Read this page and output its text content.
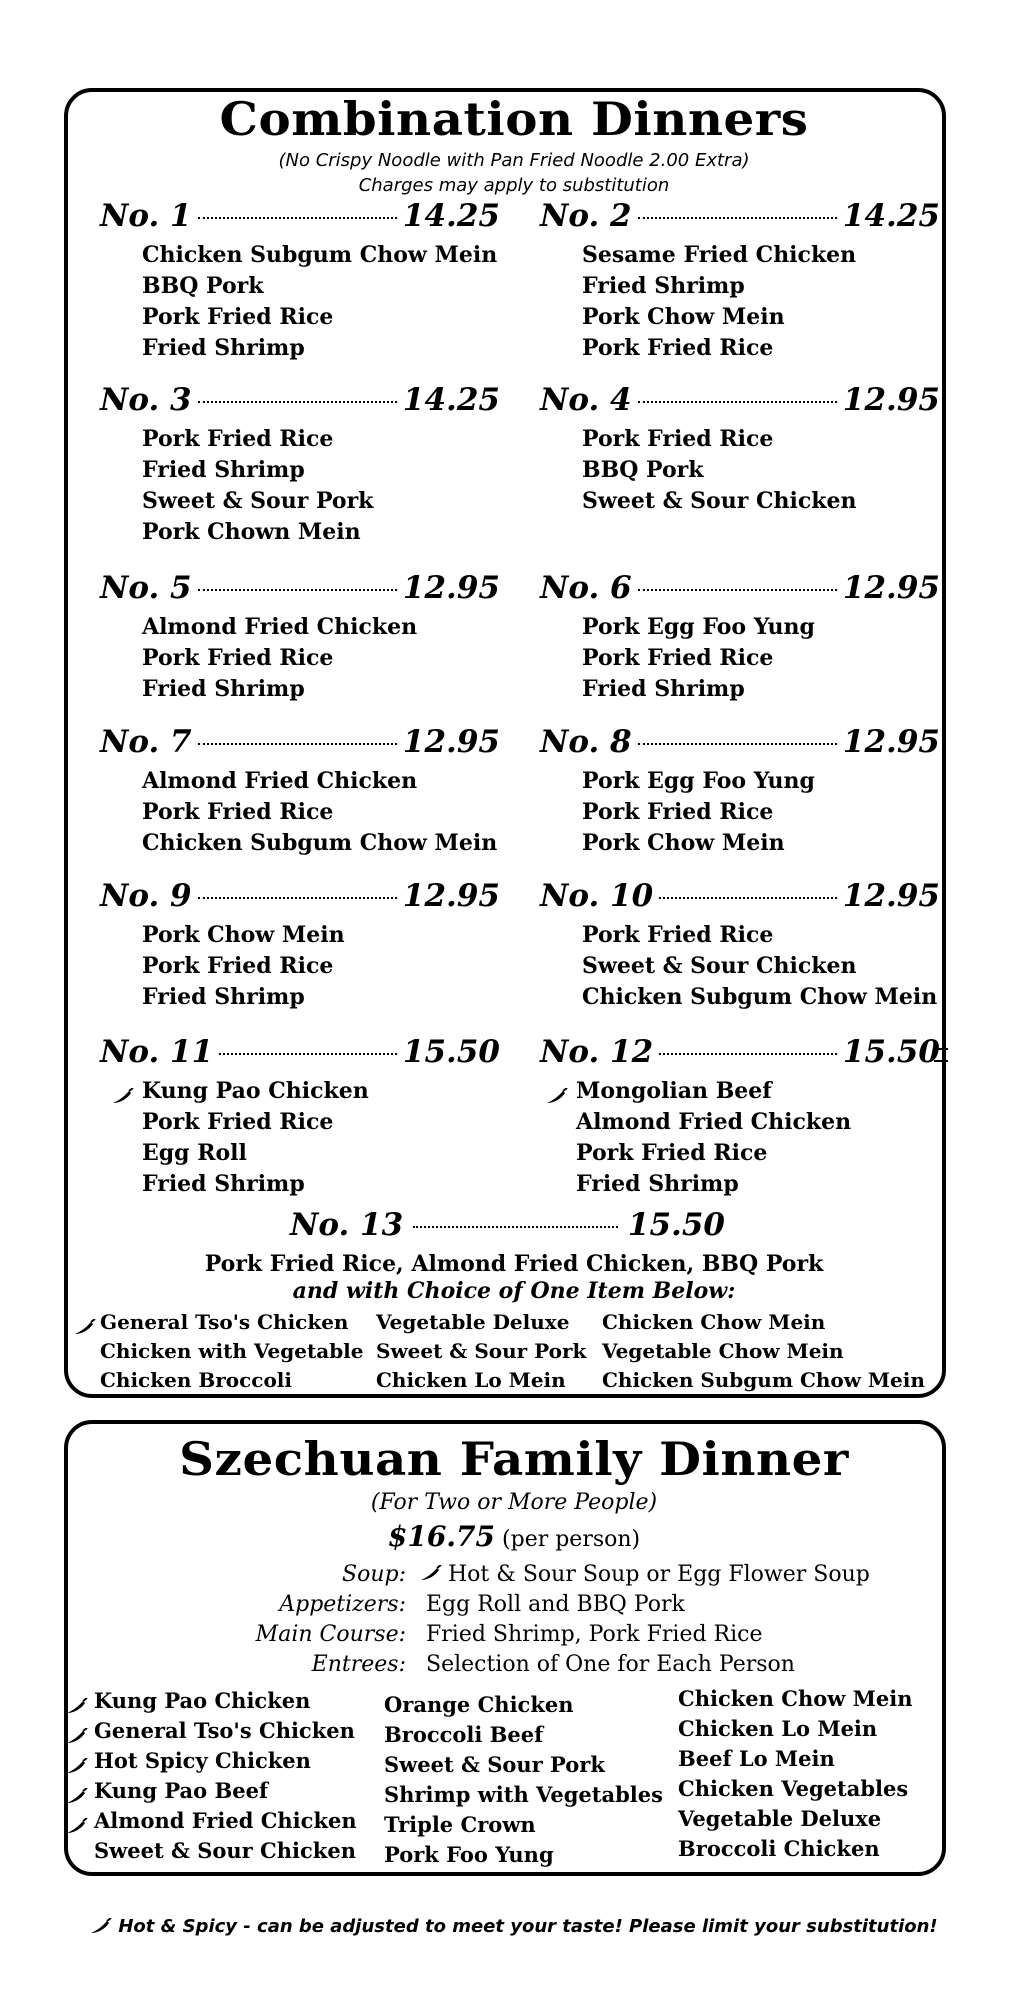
Combination Dinners
(No Crispy Noodle with Pan Fried Noodle 2.00 Extra)
Charges may apply to substitution
No. 1	14.25
Chicken Subgum Chow Mein
BBQ Pork
Pork Fried Rice
Fried Shrimp
No. 2	14.25
Sesame Fried Chicken
Fried Shrimp
Pork Chow Mein
Pork Fried Rice
No. 3	14.25
Pork Fried Rice
Fried Shrimp
Sweet & Sour Pork
Pork Chown Mein
No. 4	12.95
Pork Fried Rice
BBQ Pork
Sweet & Sour Chicken
No. 5	12.95
Almond Fried Chicken
Pork Fried Rice
Fried Shrimp
No. 6	12.95
Pork Egg Foo Yung
Pork Fried Rice
Fried Shrimp
No. 7	12.95
Almond Fried Chicken
Pork Fried Rice
Chicken Subgum Chow Mein
No. 8	12.95
Pork Egg Foo Yung
Pork Fried Rice
Pork Chow Mein
No. 9	12.95
Pork Chow Mein
Pork Fried Rice
Fried Shrimp
No. 10	12.95
Pork Fried Rice
Sweet & Sour Chicken
Chicken Subgum Chow Mein
No. 11	15.50
Kung Pao Chicken
Pork Fried Rice
Egg Roll
Fried Shrimp
No. 12	15.50
Mongolian Beef
Almond Fried Chicken
Pork Fried Rice
Fried Shrimp
No. 13	15.50
Pork Fried Rice, Almond Fried Chicken, BBQ Pork
and with Choice of One Item Below:
General Tso's Chicken
Chicken with Vegetable
Chicken Broccoli
Vegetable Deluxe
Sweet & Sour Pork
Chicken Lo Mein
Chicken Chow Mein
Vegetable Chow Mein
Chicken Subgum Chow Mein
Szechuan Family Dinner
(For Two or More People)
$16.75 (per person)
Soup:	Hot & Sour Soup or Egg Flower Soup
Appetizers: Egg Roll and BBQ Pork
Main Course: Fried Shrimp, Pork Fried Rice
Entrees: Selection of One for Each Person
Kung Pao Chicken
General Tso's Chicken
Hot Spicy Chicken
Kung Pao Beef
Almond Fried Chicken
Sweet & Sour Chicken
Orange Chicken
Broccoli Beef
Sweet & Sour Pork
Shrimp with Vegetables
Triple Crown
Pork Foo Yung
Chicken Chow Mein
Chicken Lo Mein
Beef Lo Mein
Chicken Vegetables
Vegetable Deluxe
Broccoli Chicken
Hot & Spicy - can be adjusted to meet your taste! Please limit your substitution!
